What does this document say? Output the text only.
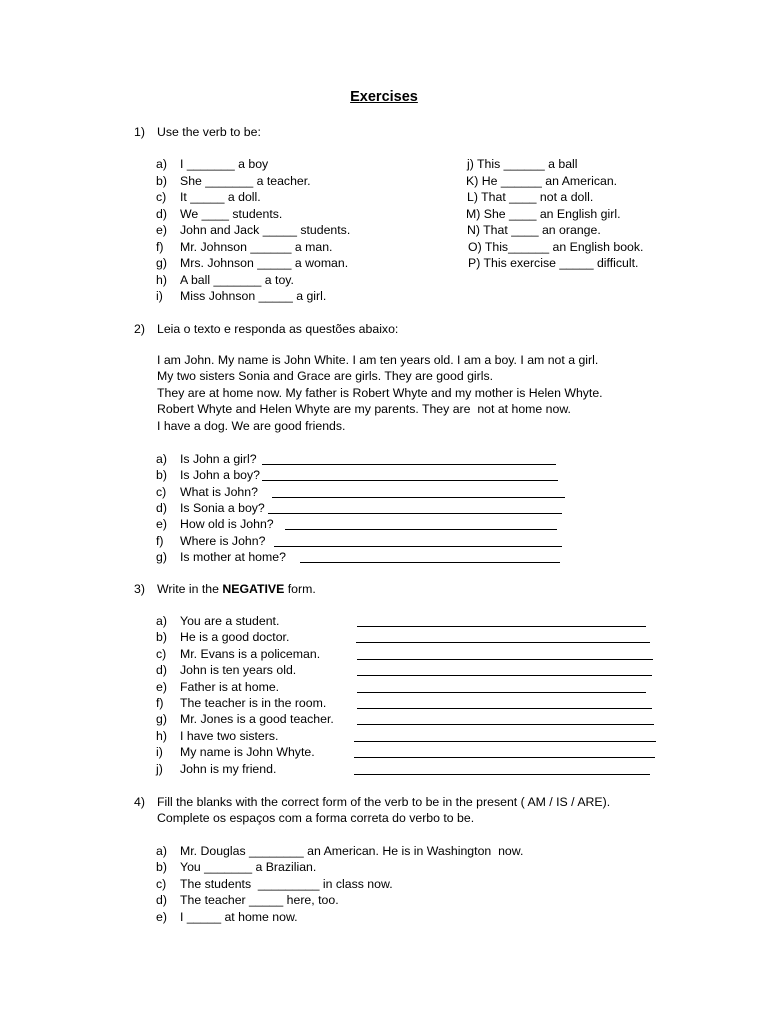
Exercises
1) Use the verb to be:
a) I _______ a boy
b) She _______ a teacher.
c) It _____ a doll.
d) We ____ students.
e) John and Jack _____ students.
f) Mr. Johnson ______ a man.
g) Mrs. Johnson _____ a woman.
h) A ball _______ a toy.
i) Miss Johnson _____ a girl.
j) This ______ a ball
K) He ______ an American.
L) That ____ not a doll.
M) She ____ an English girl.
N) That ____ an orange.
O) This______ an English book.
P) This exercise _____ difficult.
2) Leia o texto e responda as questões abaixo:
I am John. My name is John White. I am ten years old. I am a boy. I am not a girl.
My two sisters Sonia and Grace are girls. They are good girls.
They are at home now. My father is Robert Whyte and my mother is Helen Whyte.
Robert Whyte and Helen Whyte are my parents. They are  not at home now.
I have a dog. We are good friends.
a) Is John a girl?
b) Is John a boy?
c) What is John?
d) Is Sonia a boy?
e) How old is John?
f) Where is John?
g) Is mother at home?
3) Write in the NEGATIVE form.
a) You are a student.
b) He is a good doctor.
c) Mr. Evans is a policeman.
d) John is ten years old.
e) Father is at home.
f) The teacher is in the room.
g) Mr. Jones is a good teacher.
h) I have two sisters.
i) My name is John Whyte.
j) John is my friend.
4) Fill the blanks with the correct form of the verb to be in the present ( AM / IS / ARE).
Complete os espaços com a forma correta do verbo to be.
a) Mr. Douglas ________ an American. He is in Washington  now.
b) You _______ a Brazilian.
c) The students  _________ in class now.
d) The teacher _____ here, too.
e) I _____ at home now.
